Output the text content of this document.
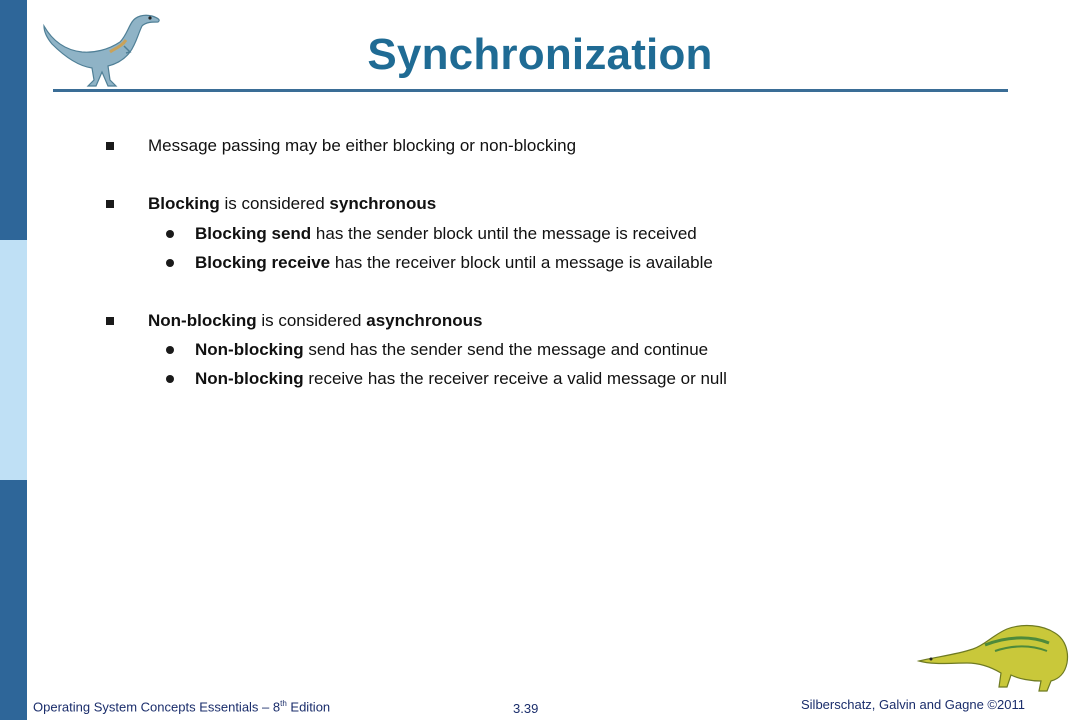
Synchronization
Message passing may be either blocking or non-blocking
Blocking is considered synchronous
Blocking send has the sender block until the message is received
Blocking receive has the receiver block until a message is available
Non-blocking is considered asynchronous
Non-blocking send has the sender send the message and continue
Non-blocking receive has the receiver receive a valid message or null
Operating System Concepts Essentials – 8th Edition	3.39	Silberschatz, Galvin and Gagne ©2011
